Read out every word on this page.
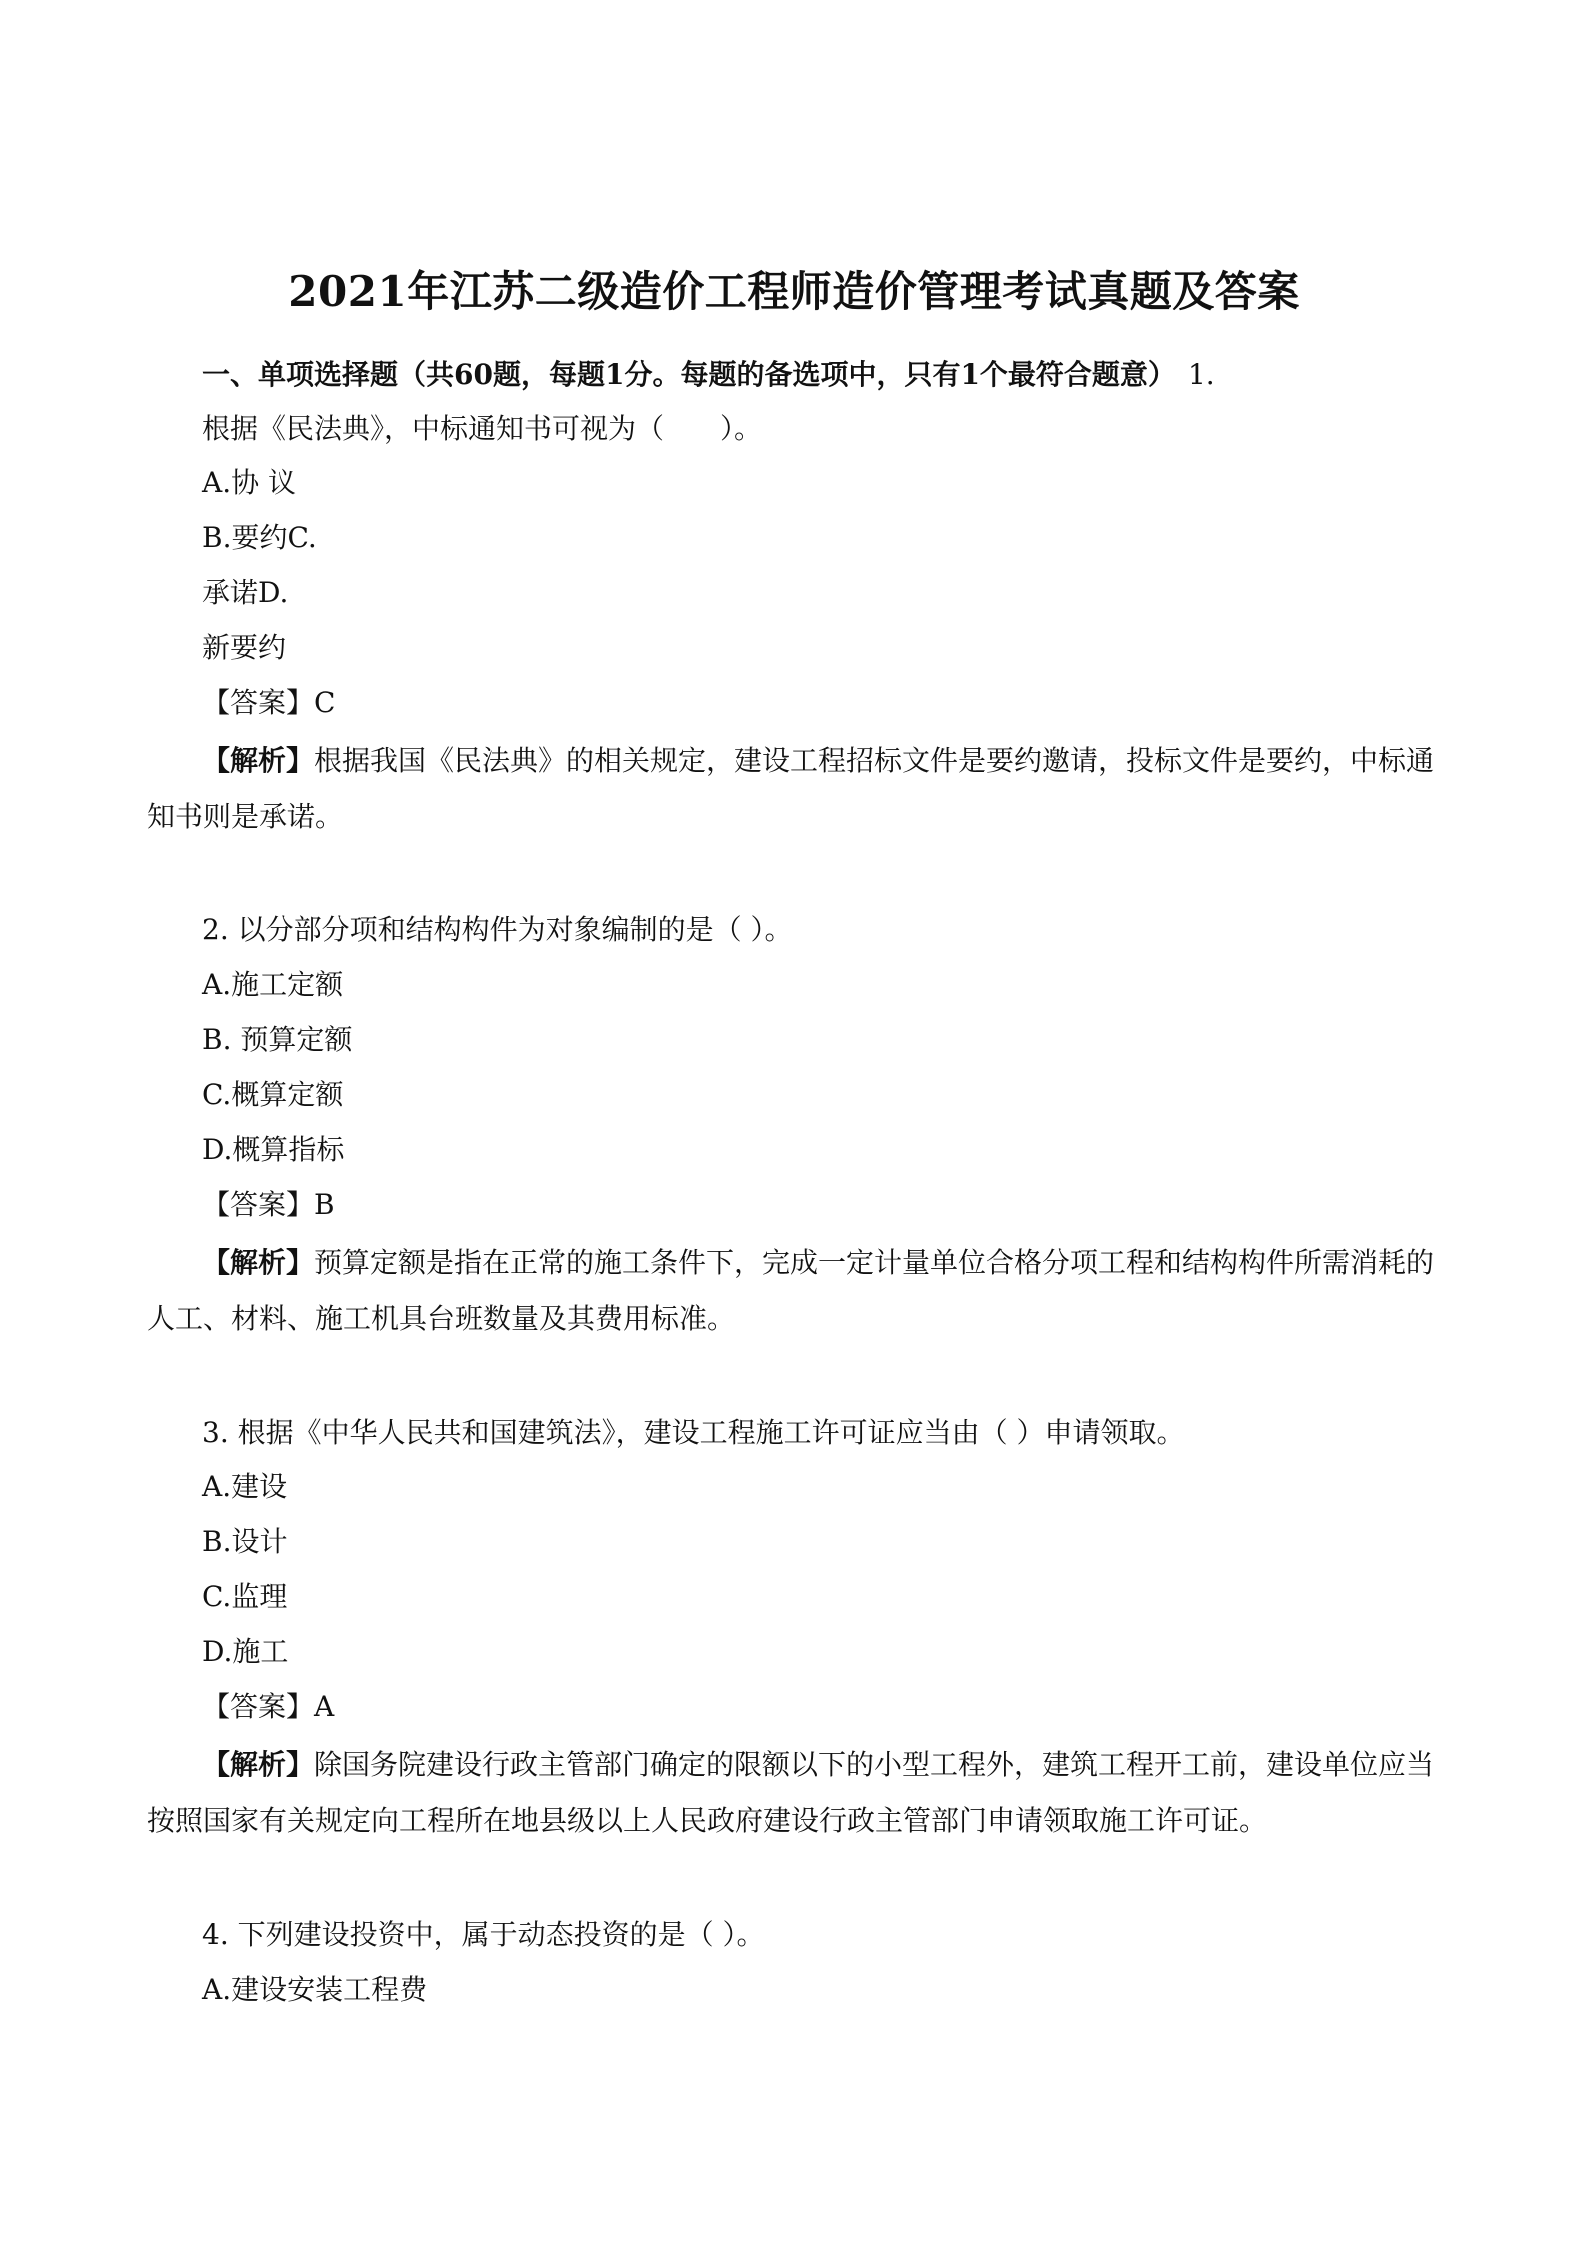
2021年江苏二级造价工程师造价管理考试真题及答案
一、单项选择题（共60题，每题1分。每题的备选项中，只有1个最符合题意） 1.
根据《民法典》，中标通知书可视为（　　）。
A.协 议
B.要约C.
承诺D.
新要约
【答案】C
【解析】根据我国《民法典》的相关规定，建设工程招标文件是要约邀请，投标文件是要约，中标通知书则是承诺。
2. 以分部分项和结构构件为对象编制的是（ ）。
A.施工定额
B. 预算定额
C.概算定额
D.概算指标
【答案】B
【解析】预算定额是指在正常的施工条件下，完成一定计量单位合格分项工程和结构构件所需消耗的人工、材料、施工机具台班数量及其费用标准。
3. 根据《中华人民共和国建筑法》，建设工程施工许可证应当由（ ）申请领取。
A.建设
B.设计
C.监理
D.施工
【答案】A
【解析】除国务院建设行政主管部门确定的限额以下的小型工程外，建筑工程开工前，建设单位应当按照国家有关规定向工程所在地县级以上人民政府建设行政主管部门申请领取施工许可证。
4. 下列建设投资中，属于动态投资的是（ ）。
A.建设安装工程费
